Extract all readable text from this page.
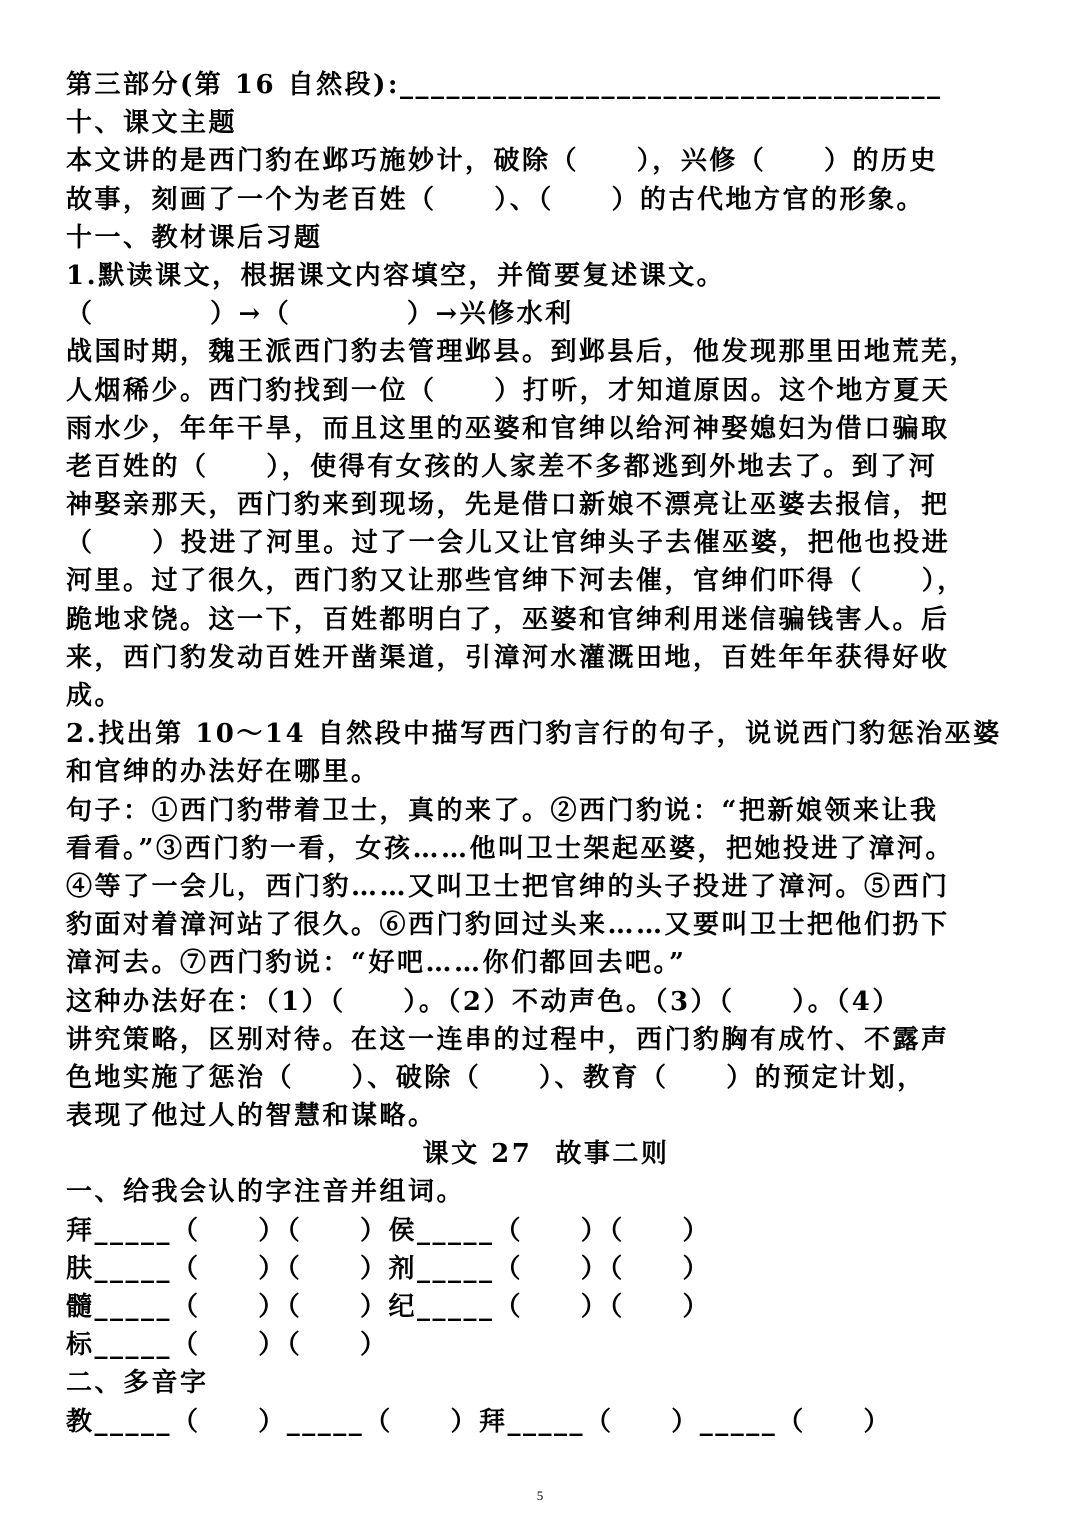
第三部分(第 16 自然段):___________________________________
十、课文主题
本文讲的是西门豹在邺巧施妙计，破除（     ），兴修（     ）的历史
故事，刻画了一个为老百姓（     ）、（     ）的古代地方官的形象。
十一、教材课后习题
1.默读课文，根据课文内容填空，并简要复述课文。
（          ）→（          ）→兴修水利
战国时期，魏王派西门豹去管理邺县。到邺县后，他发现那里田地荒芜，
人烟稀少。西门豹找到一位（     ）打听，才知道原因。这个地方夏天
雨水少，年年干旱，而且这里的巫婆和官绅以给河神娶媳妇为借口骗取
老百姓的（     ），使得有女孩的人家差不多都逃到外地去了。到了河
神娶亲那天，西门豹来到现场，先是借口新娘不漂亮让巫婆去报信，把
（     ）投进了河里。过了一会儿又让官绅头子去催巫婆，把他也投进
河里。过了很久，西门豹又让那些官绅下河去催，官绅们吓得（     ），
跪地求饶。这一下，百姓都明白了，巫婆和官绅利用迷信骗钱害人。后
来，西门豹发动百姓开凿渠道，引漳河水灌溉田地，百姓年年获得好收
成。
2.找出第 10～14 自然段中描写西门豹言行的句子，说说西门豹惩治巫婆
和官绅的办法好在哪里。
句子：①西门豹带着卫士，真的来了。②西门豹说：“把新娘领来让我
看看。”③西门豹一看，女孩……他叫卫士架起巫婆，把她投进了漳河。
④等了一会儿，西门豹……又叫卫士把官绅的头子投进了漳河。⑤西门
豹面对着漳河站了很久。⑥西门豹回过头来……又要叫卫士把他们扔下
漳河去。⑦西门豹说：“好吧……你们都回去吧。”
这种办法好在：（1）（     ）。（2）不动声色。（3）（     ）。（4）
讲究策略，区别对待。在这一连串的过程中，西门豹胸有成竹、不露声
色地实施了惩治（     ）、破除（     ）、教育（     ）的预定计划，
表现了他过人的智慧和谋略。
课文 27  故事二则
一、给我会认的字注音并组词。
拜_____（     ）（     ）侯_____（     ）（     ）
肤_____（     ）（     ）剂_____（     ）（     ）
髓_____（     ）（     ）纪_____（     ）（     ）
标_____（     ）（     ）
二、多音字
教_____（     ）_____（     ）拜_____（     ）_____（     ）
5
